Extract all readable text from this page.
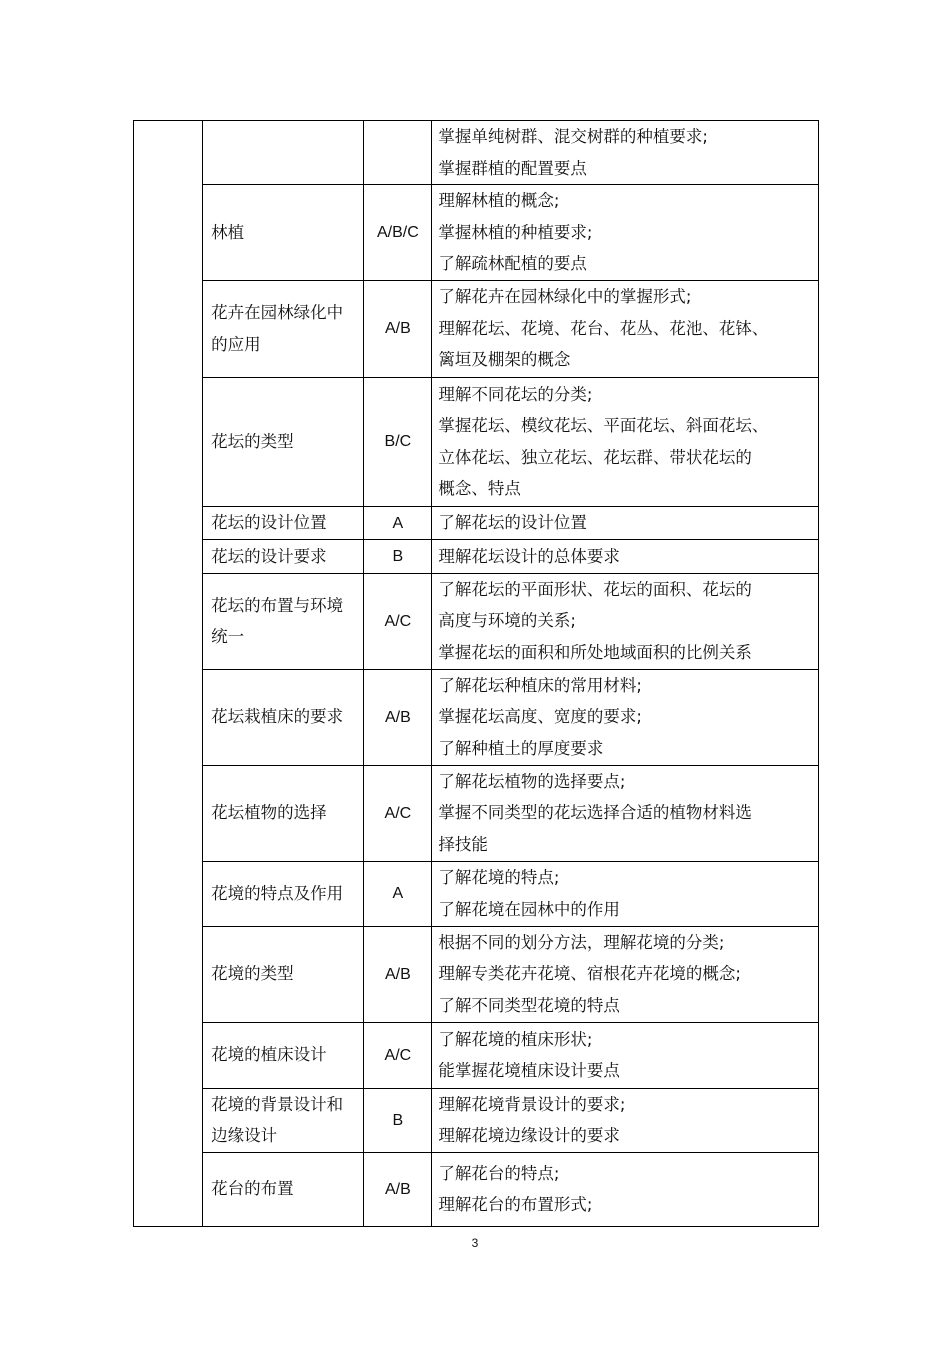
			掌握单纯树群、混交树群的种植要求;
掌握群植的配置要点

	林植	A/B/C	理解林植的概念;
掌握林植的种植要求;
了解疏林配植的要点

	花卉在园林绿化中的应用	A/B	了解花卉在园林绿化中的掌握形式;
理解花坛、花境、花台、花丛、花池、花钵、
篱垣及棚架的概念

	花坛的类型	B/C	理解不同花坛的分类;
掌握花坛、模纹花坛、平面花坛、斜面花坛、
立体花坛、独立花坛、花坛群、带状花坛的
概念、特点

	花坛的设计位置	A	了解花坛的设计位置

	花坛的设计要求	B	理解花坛设计的总体要求

	花坛的布置与环境统一	A/C	了解花坛的平面形状、花坛的面积、花坛的
高度与环境的关系;
掌握花坛的面积和所处地域面积的比例关系

	花坛栽植床的要求	A/B	了解花坛种植床的常用材料;
掌握花坛高度、宽度的要求;
了解种植土的厚度要求

	花坛植物的选择	A/C	了解花坛植物的选择要点;
掌握不同类型的花坛选择合适的植物材料选
择技能

	花境的特点及作用	A	了解花境的特点;
了解花境在园林中的作用

	花境的类型	A/B	根据不同的划分方法，理解花境的分类;
理解专类花卉花境、宿根花卉花境的概念;
了解不同类型花境的特点

	花境的植床设计	A/C	了解花境的植床形状;
能掌握花境植床设计要点

	花境的背景设计和边缘设计	B	理解花境背景设计的要求;
理解花境边缘设计的要求

	花台的布置	A/B	了解花台的特点;
理解花台的布置形式;
3
